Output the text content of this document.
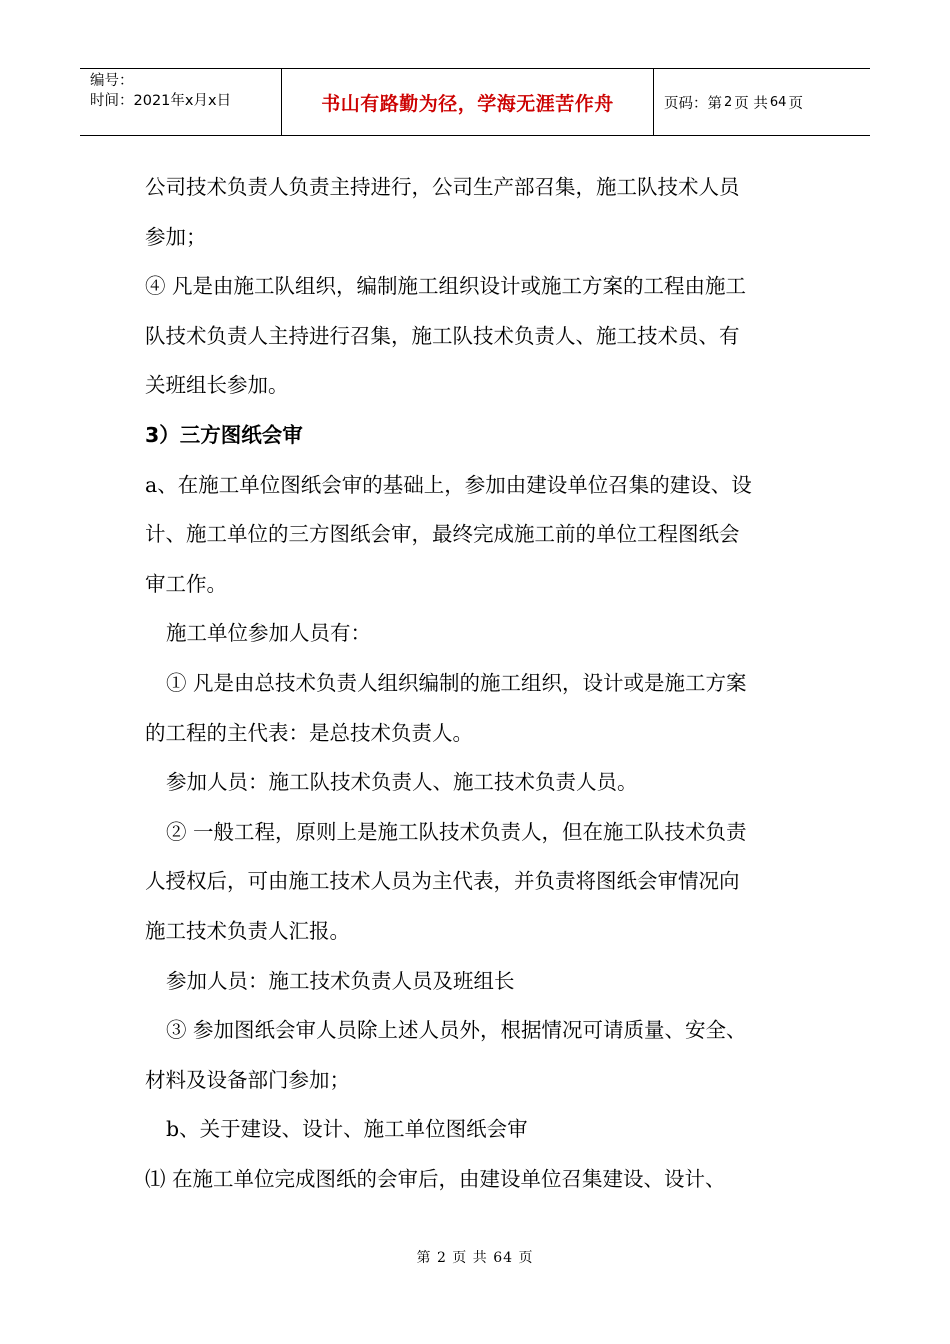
编号：
时间：2021年x月x日	书山有路勤为径，学海无涯苦作舟	页码：第 2 页 共 64 页
公司技术负责人负责主持进行，公司生产部召集，施工队技术人员
参加；
④ 凡是由施工队组织，编制施工组织设计或施工方案的工程由施工
队技术负责人主持进行召集，施工队技术负责人、施工技术员、有
关班组长参加。
3）三方图纸会审
a、在施工单位图纸会审的基础上，参加由建设单位召集的建设、设
计、施工单位的三方图纸会审，最终完成施工前的单位工程图纸会
审工作。
施工单位参加人员有：
① 凡是由总技术负责人组织编制的施工组织，设计或是施工方案
的工程的主代表：是总技术负责人。
参加人员：施工队技术负责人、施工技术负责人员。
② 一般工程，原则上是施工队技术负责人，但在施工队技术负责
人授权后，可由施工技术人员为主代表，并负责将图纸会审情况向
施工技术负责人汇报。
参加人员：施工技术负责人员及班组长
③ 参加图纸会审人员除上述人员外，根据情况可请质量、安全、
材料及设备部门参加；
b、关于建设、设计、施工单位图纸会审
⑴ 在施工单位完成图纸的会审后，由建设单位召集建设、设计、
第 2 页 共 64 页
